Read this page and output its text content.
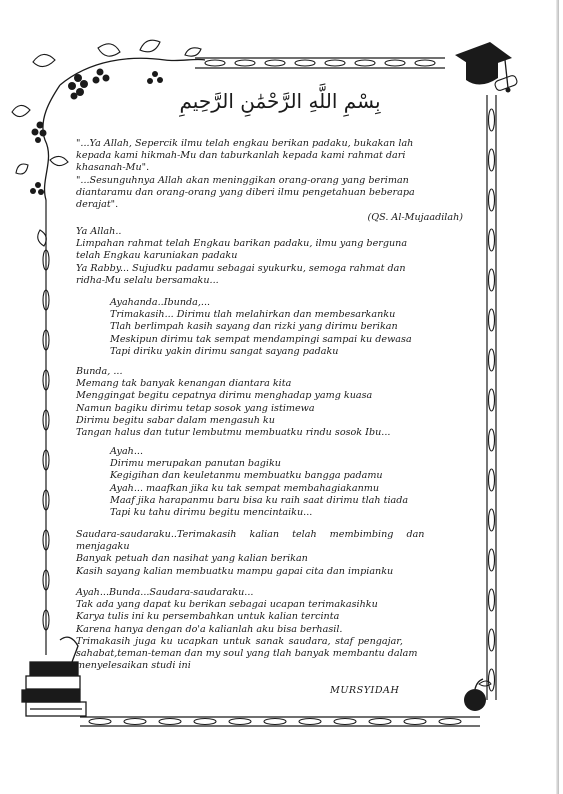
بِسْمِ اللَّهِ الرَّحْمَٰنِ الرَّحِيمِ
"...Ya Allah, Sepercik ilmu telah engkau berikan padaku, bukakan lah
kepada kami hikmah-Mu dan taburkanlah kepada kami rahmat dari
khasanah-Mu".
"...Sesunguhnya Allah akan meninggikan orang-orang yang beriman
diantaramu dan orang-orang yang diberi ilmu pengetahuan beberapa
derajat".
(QS. Al-Mujaadilah)
Ya Allah..
Limpahan rahmat telah Engkau barikan padaku, ilmu yang berguna
telah Engkau karuniakan padaku
Ya Rabby... Sujudku padamu sebagai syukurku, semoga rahmat dan
ridha-Mu selalu bersamaku...
Ayahanda..Ibunda,...
Trimakasih... Dirimu tlah melahirkan dan membesarkanku
Tlah berlimpah kasih sayang dan rizki yang dirimu berikan
Meskipun dirimu tak sempat mendampingi sampai ku dewasa
Tapi diriku yakin dirimu sangat sayang padaku
Bunda, ...
Memang tak banyak kenangan diantara kita
Menggingat begitu cepatnya dirimu menghadap yamg kuasa
Namun bagiku dirimu tetap sosok yang istimewa
Dirimu begitu sabar dalam mengasuh ku
Tangan halus dan tutur lembutmu membuatku rindu sosok Ibu...
Ayah...
Dirimu merupakan panutan bagiku
Kegigihan dan keuletanmu membuatku bangga padamu
Ayah... maafkan jika ku tak sempat membahagiakanmu
Maaf jika harapanmu baru bisa ku raih saat dirimu tlah tiada
Tapi ku tahu dirimu begitu mencintaiku...
Saudara-saudaraku..Terimakasih kalian telah membimbing dan
menjagaku
Banyak petuah dan nasihat yang kalian berikan
Kasih sayang kalian membuatku mampu gapai cita dan impianku
Ayah...Bunda...Saudara-saudaraku...
Tak ada yang dapat ku berikan sebagai ucapan terimakasihku
Karya tulis ini ku persembahkan untuk kalian tercinta
Karena hanya dengan do'a kalianlah aku bisa berhasil.
Trimakasih juga ku ucapkan untuk sanak saudara, staf pengajar,
sahabat,teman-teman dan my soul yang tlah banyak membantu dalam
menyelesaikan studi ini
MURSYIDAH
